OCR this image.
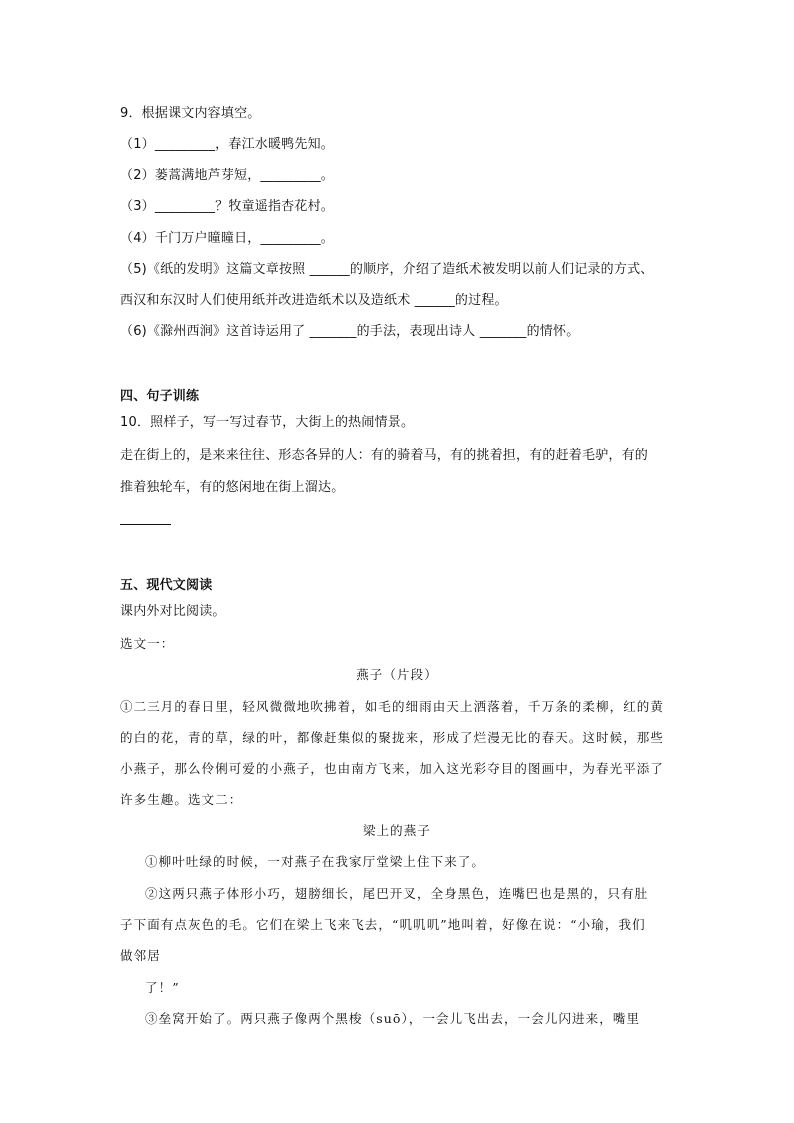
9．根据课文内容填空。
（1）_________，春江水暖鸭先知。
（2）蒌蒿满地芦芽短，_________。
（3）_________？牧童遥指杏花村。
（4）千门万户曈曈日，_________。
（5)《纸的发明》这篇文章按照 ______的顺序，介绍了造纸术被发明以前人们记录的方式、
西汉和东汉时人们使用纸并改进造纸术以及造纸术 ______的过程。
（6)《滁州西涧》这首诗运用了 _______的手法，表现出诗人 _______的情怀。
四、句子训练
10．照样子，写一写过春节，大街上的热闹情景。
走在街上的，是来来往往、形态各异的人：有的骑着马，有的挑着担，有的赶着毛驴，有的
推着独轮车，有的悠闲地在街上溜达。
五、现代文阅读
课内外对比阅读。
选文一：
燕子（片段）
①二三月的春日里，轻风微微地吹拂着，如毛的细雨由天上洒落着，千万条的柔柳，红的黄
的白的花，青的草，绿的叶，都像赶集似的聚拢来，形成了烂漫无比的春天。这时候，那些
小燕子，那么伶俐可爱的小燕子，也由南方飞来，加入这光彩夺目的图画中，为春光平添了
许多生趣。选文二：
梁上的燕子
①柳叶吐绿的时候，一对燕子在我家厅堂梁上住下来了。
②这两只燕子体形小巧，翅膀细长，尾巴开叉，全身黑色，连嘴巴也是黑的，只有肚
子下面有点灰色的毛。它们在梁上飞来飞去，“叽叽叽”地叫着，好像在说：“小瑜，我们
做邻居
了！”
③垒窝开始了。两只燕子像两个黑梭（suō），一会儿飞出去，一会儿闪进来，嘴里
